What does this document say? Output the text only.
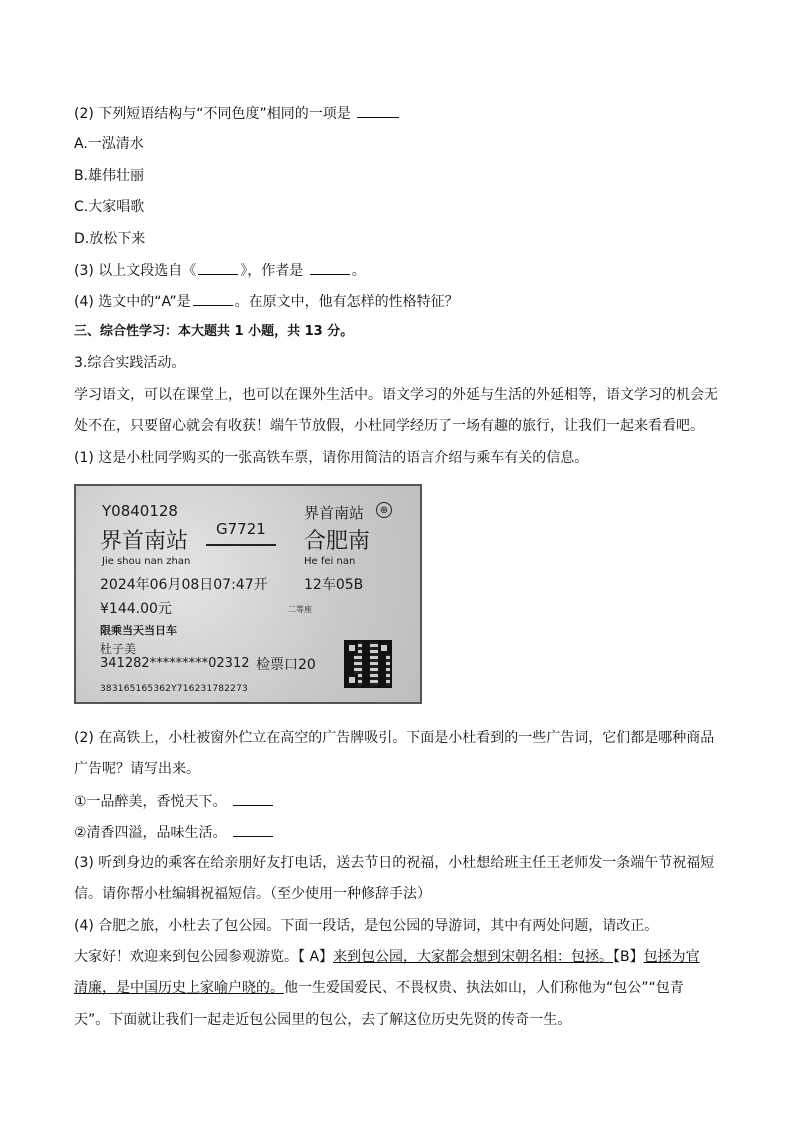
(2) 下列短语结构与“不同色度”相同的一项是
A.一泓清水
B.雄伟壮丽
C.大家唱歌
D.放松下来
(3) 以上文段选自《	》，作者是	。
(4) 选文中的“A”是	。在原文中，他有怎样的性格特征？
三、综合性学习：本大题共 1 小题，共 13 分。
3.综合实践活动。
学习语文，可以在课堂上，也可以在课外生活中。语文学习的外延与生活的外延相等，语文学习的机会无
处不在，只要留心就会有收获！端午节放假，小杜同学经历了一场有趣的旅行，让我们一起来看看吧。
(1) 这是小杜同学购买的一张高铁车票，请你用简洁的语言介绍与乘车有关的信息。
Y0840128	界首南站	⊕
界首南站 G7721 合肥南
Jie shou nan zhan	He fei nan
2024年06月08日07:47开	12车05B
¥144.00元	二等座
限乘当天当日车
杜子美
341282*********02312 检票口20
38316516536​2Y71623​1782273
(2) 在高铁上，小杜被窗外伫立在高空的广告牌吸引。下面是小杜看到的一些广告词，它们都是哪种商品
广告呢？请写出来。
①一品醉美，香悦天下。
②清香四溢，品味生活。
(3) 听到身边的乘客在给亲朋好友打电话，送去节日的祝福，小杜想给班主任王老师发一条端午节祝福短
信。请你帮小杜编辑祝福短信。（至少使用一种修辞手法）
(4) 合肥之旅，小杜去了包公园。下面一段话，是包公园的导游词，其中有两处问题，请改正。
大家好！欢迎来到包公园参观游览。【 A】来到包公园，大家都会想到宋朝名相：包拯。【B】包拯为官
清廉，是中国历史上家喻户晓的。他一生爱国爱民、不畏权贵、执法如山，人们称他为“包公”“包青
天”。下面就让我们一起走近包公园里的包公，去了解这位历史先贤的传奇一生。
